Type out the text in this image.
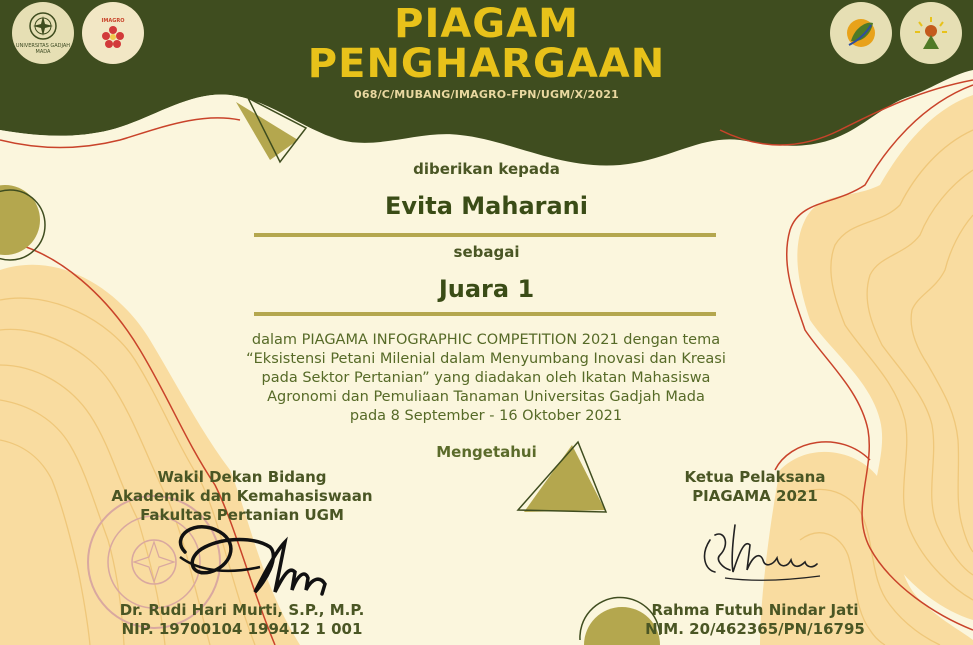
UNIVERSITAS GADJAH MADA
IMAGRO	PIAGAM
PENGHARGAAN
068/C/MUBANG/IMAGRO-FPN/UGM/X/2021
diberikan kepada
Evita Maharani
sebagai
Juara 1
dalam PIAGAMA INFOGRAPHIC COMPETITION 2021 dengan tema
“Eksistensi Petani Milenial dalam Menyumbang Inovasi dan Kreasi
pada Sektor Pertanian” yang diadakan oleh Ikatan Mahasiswa
Agronomi dan Pemuliaan Tanaman Universitas Gadjah Mada
pada 8 September - 16 Oktober 2021
Mengetahui
Wakil Dekan Bidang
Akademik dan Kemahasiswaan
Fakultas Pertanian UGM
Dr. Rudi Hari Murti, S.P., M.P.
NIP. 19700104 199412 1 001
Ketua Pelaksana
PIAGAMA 2021
Rahma Futuh Nindar Jati
NIM. 20/462365/PN/16795
